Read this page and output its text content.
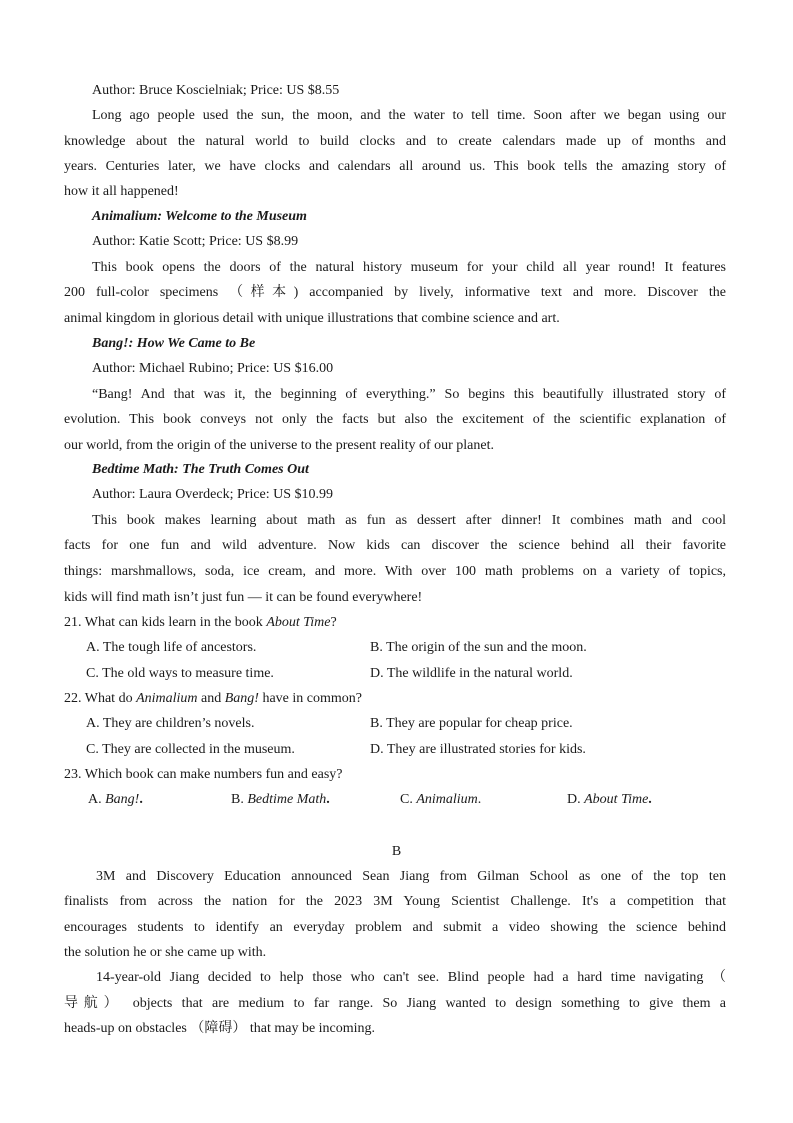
Author: Bruce Koscielniak; Price: US $8.55
Long ago people used the sun, the moon, and the water to tell time. Soon after we began using our
knowledge about the natural world to build clocks and to create calendars made up of months and
years. Centuries later, we have clocks and calendars all around us. This book tells the amazing story of
how it all happened!
Animalium: Welcome to the Museum
Author: Katie Scott; Price: US $8.99
This book opens the doors of the natural history museum for your child all year round! It features
200 full-color specimens （样本) accompanied by lively, informative text and more. Discover the
animal kingdom in glorious detail with unique illustrations that combine science and art.
Bang!: How We Came to Be
Author: Michael Rubino; Price: US $16.00
“Bang! And that was it, the beginning of everything.” So begins this beautifully illustrated story of
evolution. This book conveys not only the facts but also the excitement of the scientific explanation of
our world, from the origin of the universe to the present reality of our planet.
Bedtime Math: The Truth Comes Out
Author: Laura Overdeck; Price: US $10.99
This book makes learning about math as fun as dessert after dinner! It combines math and cool
facts for one fun and wild adventure. Now kids can discover the science behind all their favorite
things: marshmallows, soda, ice cream, and more. With over 100 math problems on a variety of topics,
kids will find math isn’t just fun — it can be found everywhere!
21. What can kids learn in the book About Time?
A. The tough life of ancestors.	B. The origin of the sun and the moon.
C. The old ways to measure time.	D. The wildlife in the natural world.
22. What do Animalium and Bang! have in common?
A. They are children’s novels.	B. They are popular for cheap price.
C. They are collected in the museum.	D. They are illustrated stories for kids.
23. Which book can make numbers fun and easy?
A. Bang!.	B. Bedtime Math.	C. Animalium.	D. About Time.
B
3M and Discovery Education announced Sean Jiang from Gilman School as one of the top ten
finalists from across the nation for the 2023 3M Young Scientist Challenge. It's a competition that
encourages students to identify an everyday problem and submit a video showing the science behind
the solution he or she came up with.
14-year-old Jiang decided to help those who can't see. Blind people had a hard time navigating （
导航） objects that are medium to far range. So Jiang wanted to design something to give them a
heads-up on obstacles （障碍） that may be incoming.
